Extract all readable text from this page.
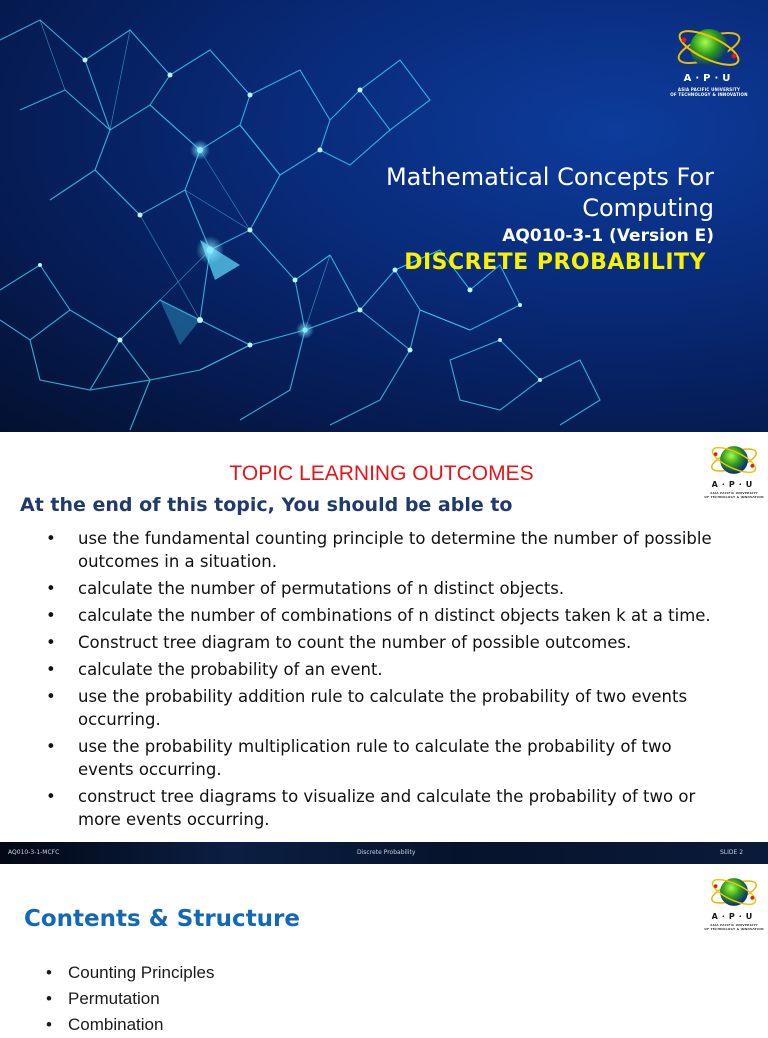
A·P·U
ASIA PACIFIC UNIVERSITY
OF TECHNOLOGY & INNOVATION
Mathematical Concepts For Computing
AQ010-3-1 (Version E)
DISCRETE PROBABILITY
A·P·U
ASIA PACIFIC UNIVERSITY
OF TECHNOLOGY & INNOVATION
TOPIC LEARNING OUTCOMES
At the end of this topic, You should be able to
• use the fundamental counting principle to determine the number of possible outcomes in a situation.
• calculate the number of permutations of n distinct objects.
• calculate the number of combinations of n distinct objects taken k at a time.
• Construct tree diagram to count the number of possible outcomes.
• calculate the probability of an event.
• use the probability addition rule to calculate the probability of two events occurring.
• use the probability multiplication rule to calculate the probability of two events occurring.
• construct tree diagrams to visualize and calculate the probability of two or more events occurring.
AQ010-3-1-MCFC	Discrete Probability	SLIDE 2
A·P·U
ASIA PACIFIC UNIVERSITY
OF TECHNOLOGY & INNOVATION
Contents & Structure
• Counting Principles
• Permutation
• Combination
